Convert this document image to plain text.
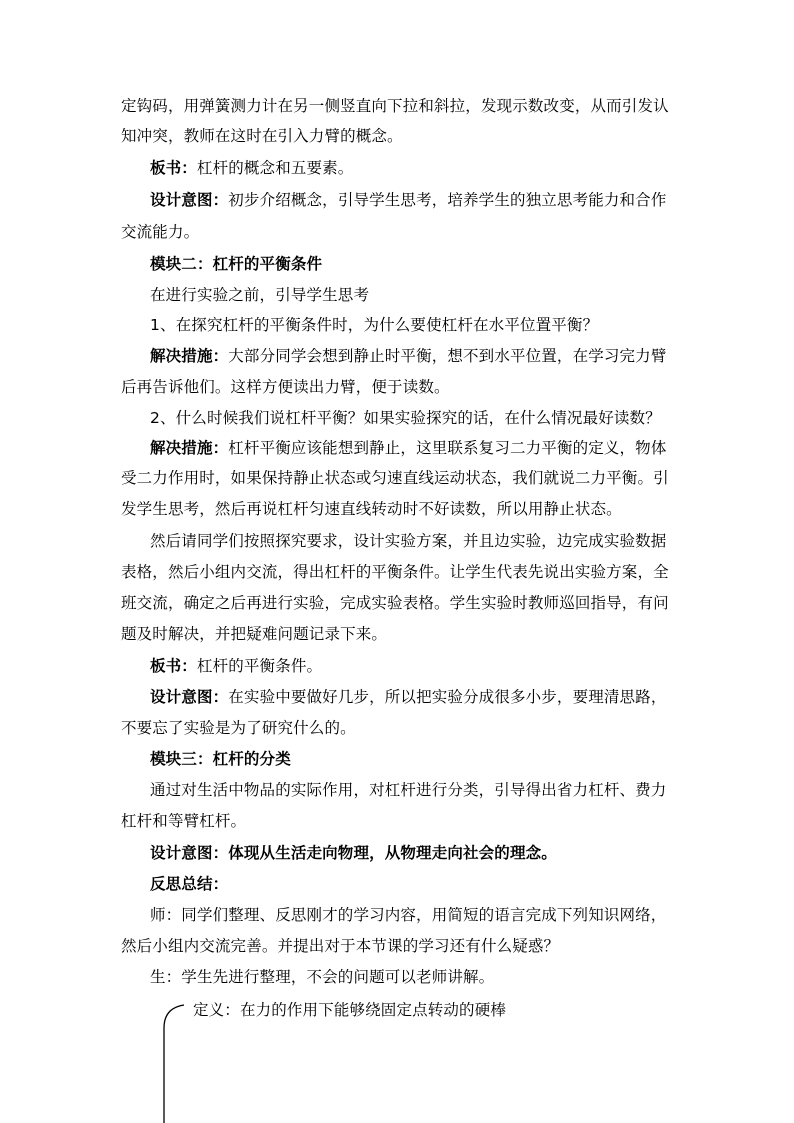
定钩码，用弹簧测力计在另一侧竖直向下拉和斜拉，发现示数改变，从而引发认
知冲突，教师在这时在引入力臂的概念。
板书：杠杆的概念和五要素。
设计意图：初步介绍概念，引导学生思考，培养学生的独立思考能力和合作
交流能力。
模块二：杠杆的平衡条件
在进行实验之前，引导学生思考
1、在探究杠杆的平衡条件时，为什么要使杠杆在水平位置平衡？
解决措施：大部分同学会想到静止时平衡，想不到水平位置，在学习完力臂
后再告诉他们。这样方便读出力臂，便于读数。
2、什么时候我们说杠杆平衡？如果实验探究的话，在什么情况最好读数？
解决措施：杠杆平衡应该能想到静止，这里联系复习二力平衡的定义，物体
受二力作用时，如果保持静止状态或匀速直线运动状态，我们就说二力平衡。引
发学生思考，然后再说杠杆匀速直线转动时不好读数，所以用静止状态。
然后请同学们按照探究要求，设计实验方案，并且边实验，边完成实验数据
表格，然后小组内交流，得出杠杆的平衡条件。让学生代表先说出实验方案，全
班交流，确定之后再进行实验，完成实验表格。学生实验时教师巡回指导，有问
题及时解决，并把疑难问题记录下来。
板书：杠杆的平衡条件。
设计意图：在实验中要做好几步，所以把实验分成很多小步，要理清思路，
不要忘了实验是为了研究什么的。
模块三：杠杆的分类
通过对生活中物品的实际作用，对杠杆进行分类，引导得出省力杠杆、费力
杠杆和等臂杠杆。
设计意图：体现从生活走向物理，从物理走向社会的理念。
反思总结：
师：同学们整理、反思刚才的学习内容，用简短的语言完成下列知识网络，
然后小组内交流完善。并提出对于本节课的学习还有什么疑惑？
生：学生先进行整理，不会的问题可以老师讲解。
定义：在力的作用下能够绕固定点转动的硬棒
